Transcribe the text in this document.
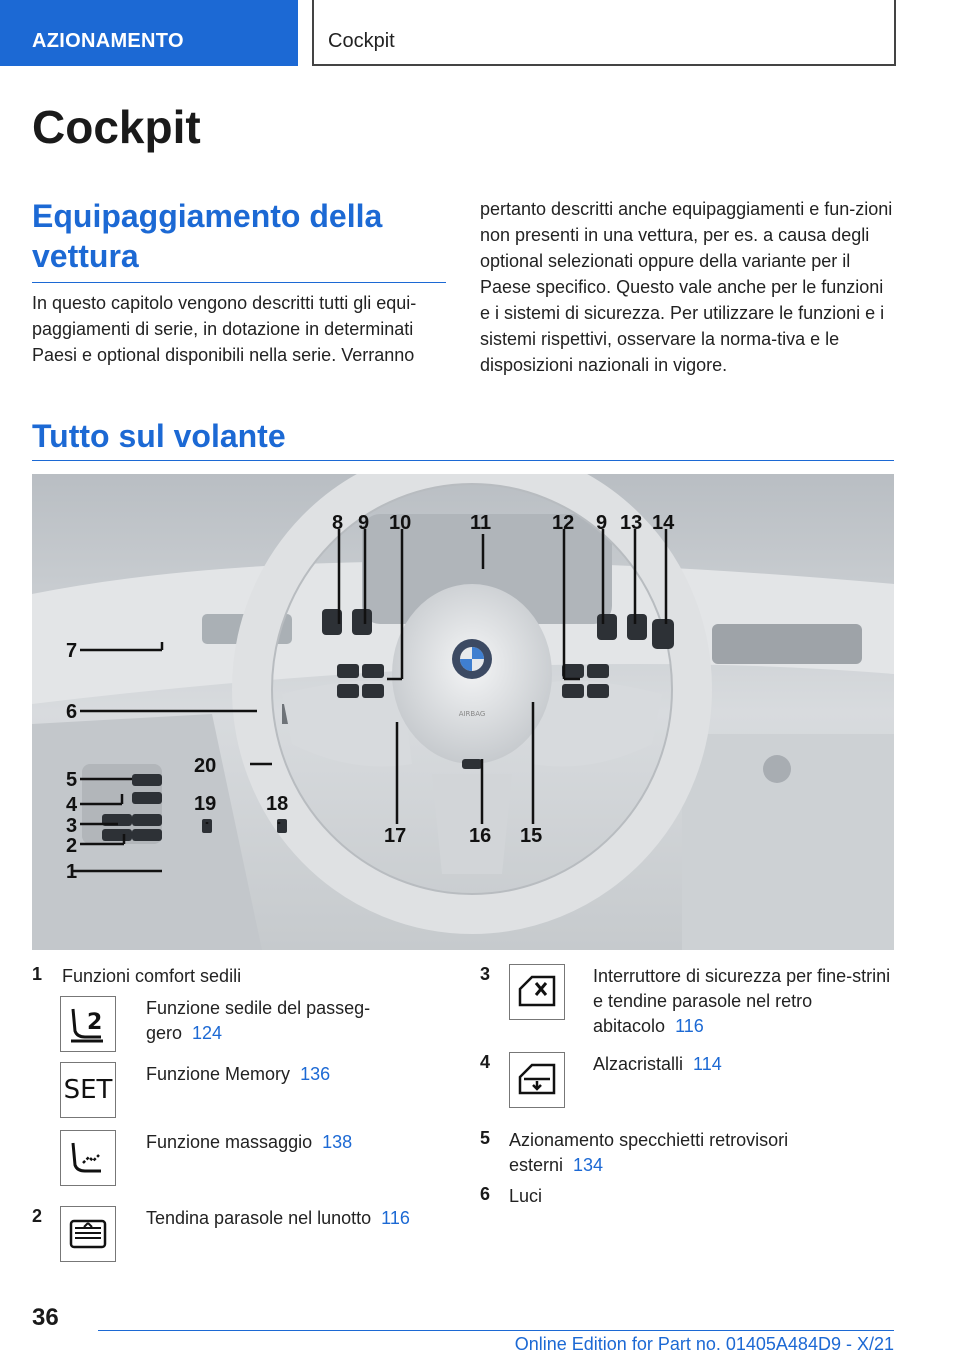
AZIONAMENTO	Cockpit
Cockpit
Equipaggiamento della vettura
In questo capitolo vengono descritti tutti gli equi-paggiamenti di serie, in dotazione in determinati Paesi e optional disponibili nella serie. Verranno
pertanto descritti anche equipaggiamenti e fun-zioni non presenti in una vettura, per es. a causa degli optional selezionati oppure della variante per il Paese specifico. Questo vale anche per le funzioni e i sistemi di sicurezza. Per utilizzare le funzioni e i sistemi rispettivi, osservare la norma-tiva e le disposizioni nazionali in vigore.
Tutto sul volante
AIRBAG
1
2
3
4
5
6
7
8 9 10	11	12 9 13 14
15
16
17
18
19
20
1 Funzioni comfort sedili
2
Funzione sedile del passeg-gero 124
SET
Funzione Memory 136
Funzione massaggio 138
2	Tendina parasole nel lunotto 116
3	Interruttore di sicurezza per fine-strini e tendine parasole nel retro abitacolo 116
4	Alzacristalli 114
5 Azionamento specchietti retrovisori esterni 134
6 Luci
36
Online Edition for Part no. 01405A484D9 - X/21
